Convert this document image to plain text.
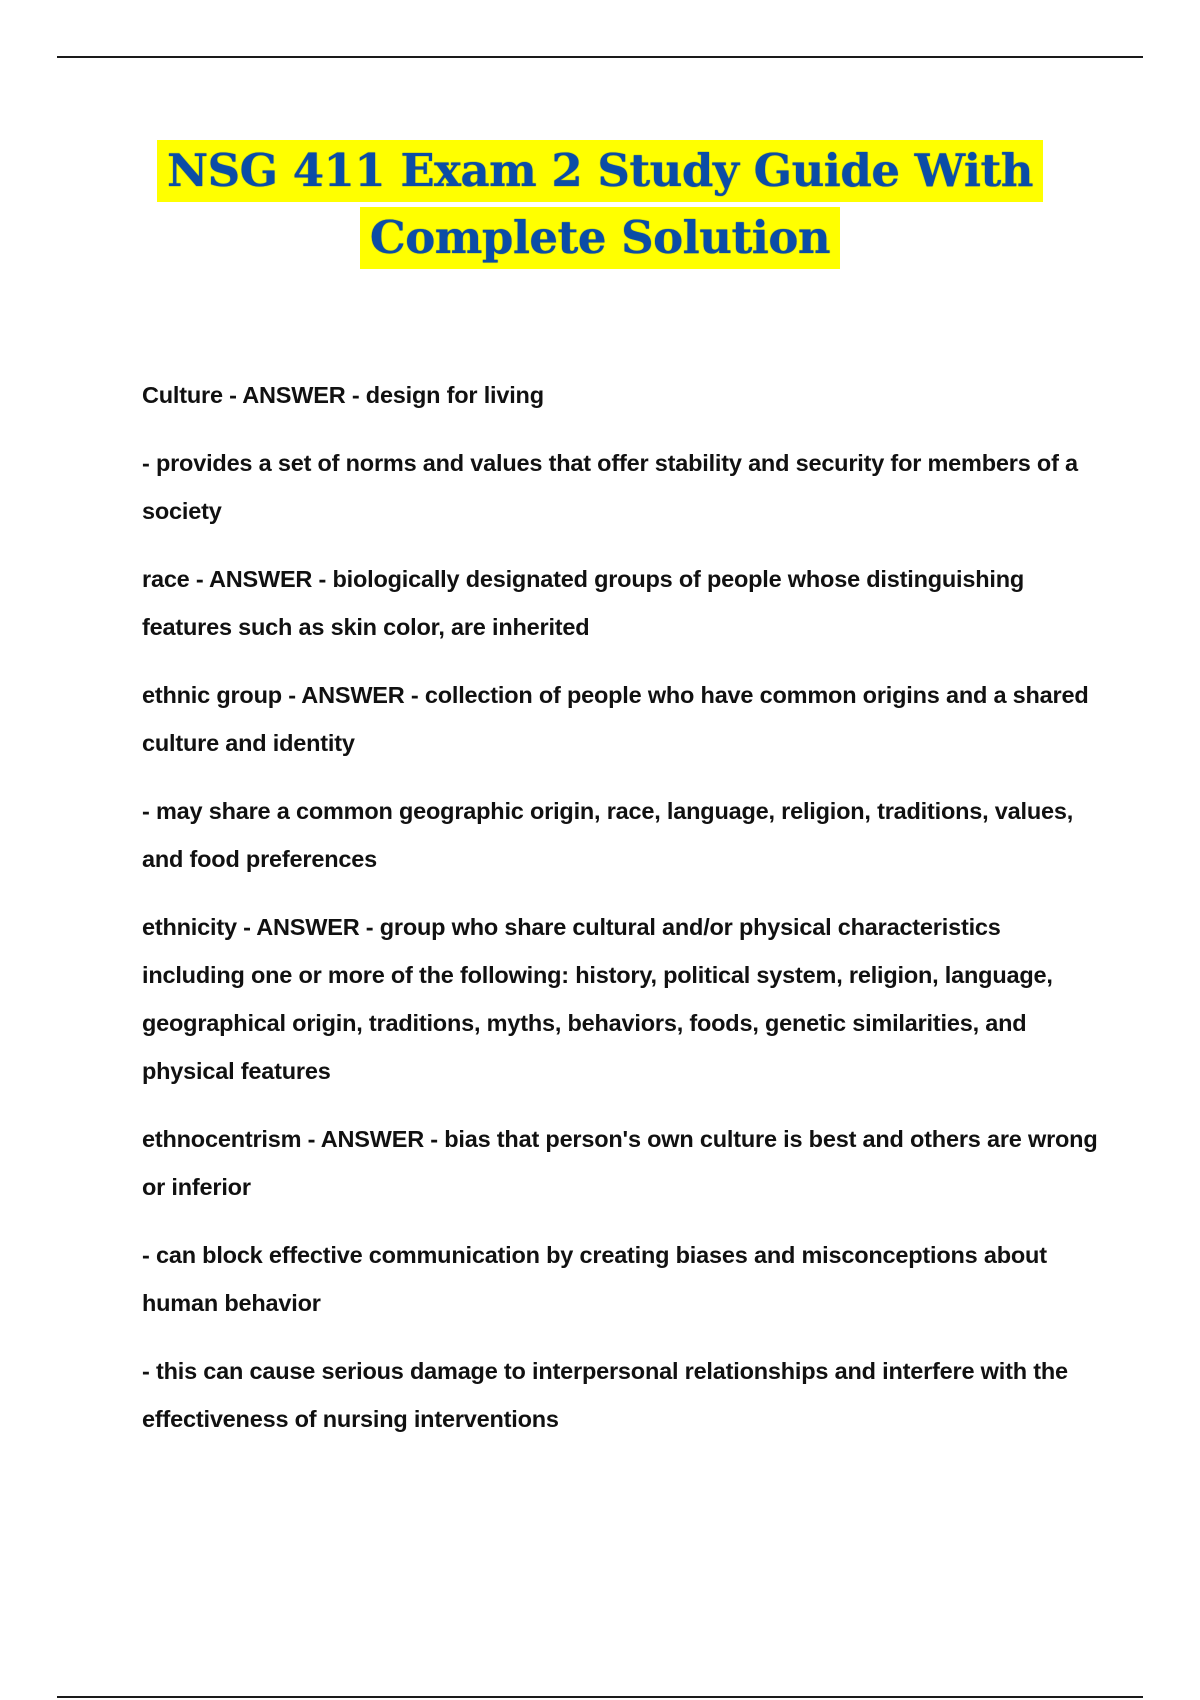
NSG 411 Exam 2 Study Guide With
Complete Solution

Culture - ANSWER - design for living

- provides a set of norms and values that offer stability and security for members of a society

race - ANSWER - biologically designated groups of people whose distinguishing features such as skin color, are inherited

ethnic group - ANSWER - collection of people who have common origins and a shared culture and identity

- may share a common geographic origin, race, language, religion, traditions, values, and food preferences

ethnicity - ANSWER - group who share cultural and/or physical characteristics including one or more of the following: history, political system, religion, language, geographical origin, traditions, myths, behaviors, foods, genetic similarities, and physical features

ethnocentrism - ANSWER - bias that person's own culture is best and others are wrong or inferior

- can block effective communication by creating biases and misconceptions about human behavior

- this can cause serious damage to interpersonal relationships and interfere with the effectiveness of nursing interventions
